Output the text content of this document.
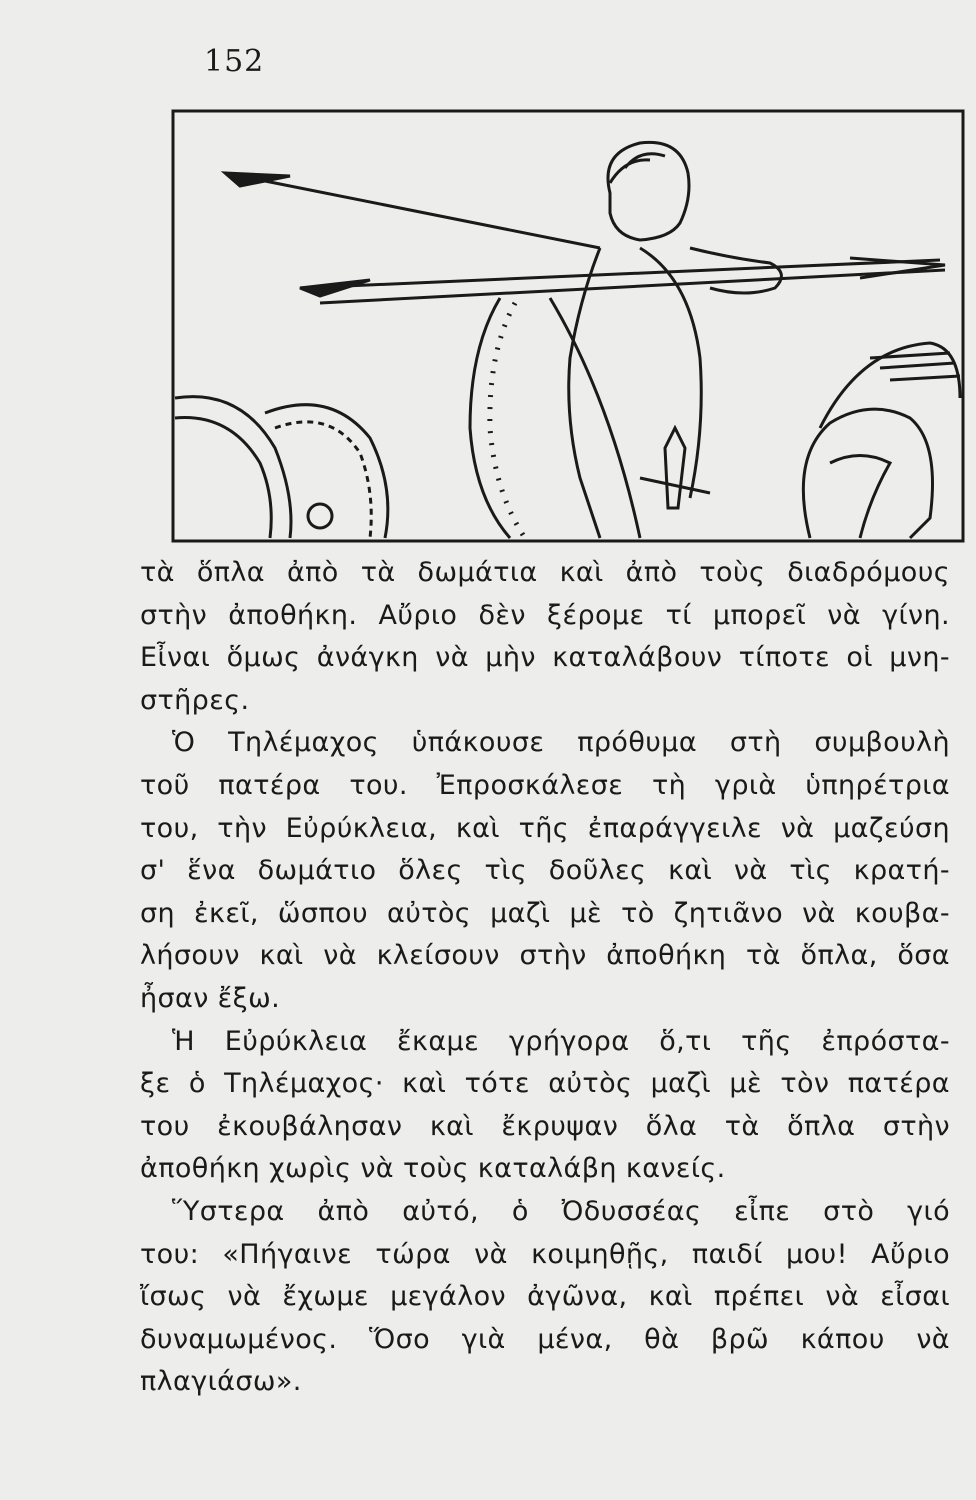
152
τὰ ὅπλα ἀπὸ τὰ δωμάτια καὶ ἀπὸ τοὺς διαδρόμους
στὴν ἀποθήκη. Αὔριο δὲν ξέρομε τί μπορεῖ νὰ γίνη.
Εἶναι ὅμως ἀνάγκη νὰ μὴν καταλάβουν τίποτε οἱ μνη-
στῆρες.
Ὁ Τηλέμαχος ὑπάκουσε πρόθυμα στὴ συμβουλὴ
τοῦ πατέρα του. Ἐπροσκάλεσε τὴ γριὰ ὑπηρέτρια
του, τὴν Εὐρύκλεια, καὶ τῆς ἐπαράγγειλε νὰ μαζεύση
σ' ἕνα δωμάτιο ὅλες τὶς δοῦλες καὶ νὰ τὶς κρατή-
ση ἐκεῖ, ὥσπου αὐτὸς μαζὶ μὲ τὸ ζητιᾶνο νὰ κουβα-
λήσουν καὶ νὰ κλείσουν στὴν ἀποθήκη τὰ ὅπλα, ὅσα
ἦσαν ἔξω.
Ἡ Εὐρύκλεια ἔκαμε γρήγορα ὅ,τι τῆς ἐπρόστα-
ξε ὁ Τηλέμαχος· καὶ τότε αὐτὸς μαζὶ μὲ τὸν πατέρα
του ἐκουβάλησαν καὶ ἔκρυψαν ὅλα τὰ ὅπλα στὴν
ἀποθήκη χωρὶς νὰ τοὺς καταλάβη κανείς.
Ὕστερα ἀπὸ αὐτό, ὁ Ὀδυσσέας εἶπε στὸ γιό
του: «Πήγαινε τώρα νὰ κοιμηθῇς, παιδί μου! Αὔριο
ἴσως νὰ ἔχωμε μεγάλον ἀγῶνα, καὶ πρέπει νὰ εἶσαι
δυναμωμένος. Ὅσο γιὰ μένα, θὰ βρῶ κάπου νὰ
πλαγιάσω».
